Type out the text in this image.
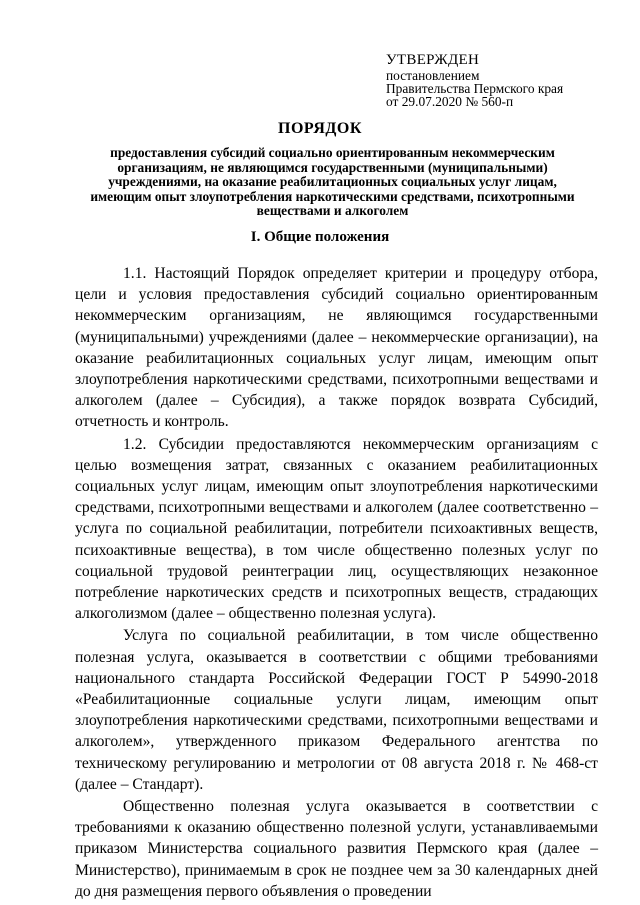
УТВЕРЖДЕН
постановлением
Правительства Пермского края
от 29.07.2020 № 560-п
ПОРЯДОК
предоставления субсидий социально ориентированным некоммерческим организациям, не являющимся государственными (муниципальными) учреждениями, на оказание реабилитационных социальных услуг лицам, имеющим опыт злоупотребления наркотическими средствами, психотропными веществами и алкоголем
I. Общие положения

1.1. Настоящий Порядок определяет критерии и процедуру отбора, цели и условия предоставления субсидий социально ориентированным некоммерческим организациям, не являющимся государственными (муниципальными) учреждениями (далее – некоммерческие организации), на оказание реабилитационных социальных услуг лицам, имеющим опыт злоупотребления наркотическими средствами, психотропными веществами и алкоголем (далее – Субсидия), а также порядок возврата Субсидий, отчетность и контроль.

1.2. Субсидии предоставляются некоммерческим организациям с целью возмещения затрат, связанных с оказанием реабилитационных социальных услуг лицам, имеющим опыт злоупотребления наркотическими средствами, психотропными веществами и алкоголем (далее соответственно – услуга по социальной реабилитации, потребители психоактивных веществ, психоактивные вещества), в том числе общественно полезных услуг по социальной трудовой реинтеграции лиц, осуществляющих незаконное потребление наркотических средств и психотропных веществ, страдающих алкоголизмом (далее – общественно полезная услуга).

Услуга по социальной реабилитации, в том числе общественно полезная услуга, оказывается в соответствии с общими требованиями национального стандарта Российской Федерации ГОСТ Р 54990-2018 «Реабилитационные социальные услуги лицам, имеющим опыт злоупотребления наркотическими средствами, психотропными веществами и алкоголем», утвержденного приказом Федерального агентства по техническому регулированию и метрологии от 08 августа 2018 г. № 468-ст (далее – Стандарт).

Общественно полезная услуга оказывается в соответствии с требованиями к оказанию общественно полезной услуги, устанавливаемыми приказом Министерства социального развития Пермского края (далее – Министерство), принимаемым в срок не позднее чем за 30 календарных дней до дня размещения первого объявления о проведении
